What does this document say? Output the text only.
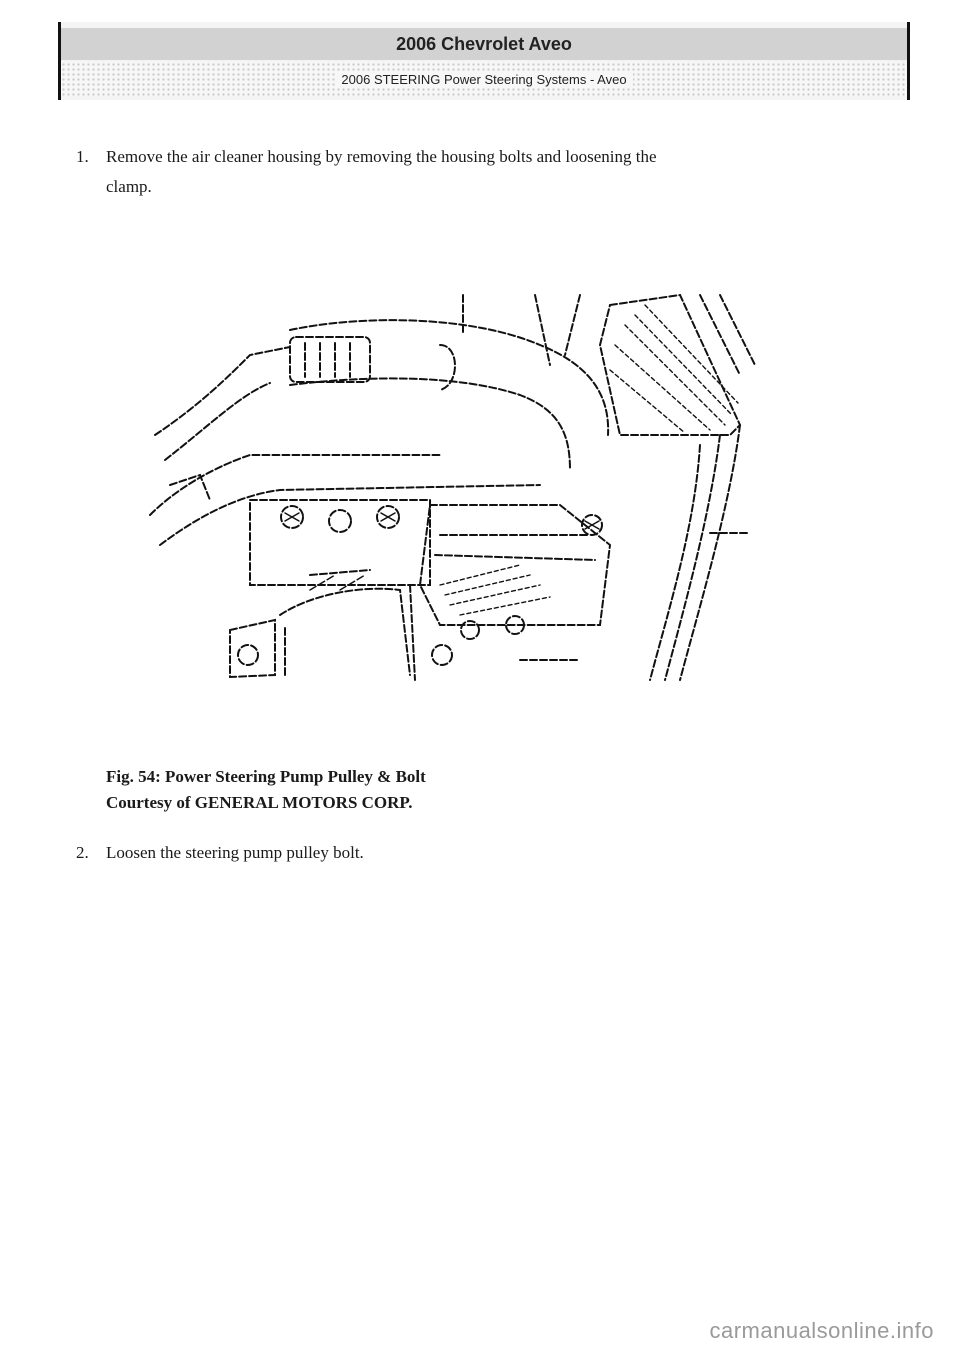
2006 Chevrolet Aveo
2006 STEERING Power Steering Systems - Aveo
1. Remove the air cleaner housing by removing the housing bolts and loosening the
clamp.
Fig. 54: Power Steering Pump Pulley & Bolt
Courtesy of GENERAL MOTORS CORP.
2. Loosen the steering pump pulley bolt.
carmanualsonline.info
